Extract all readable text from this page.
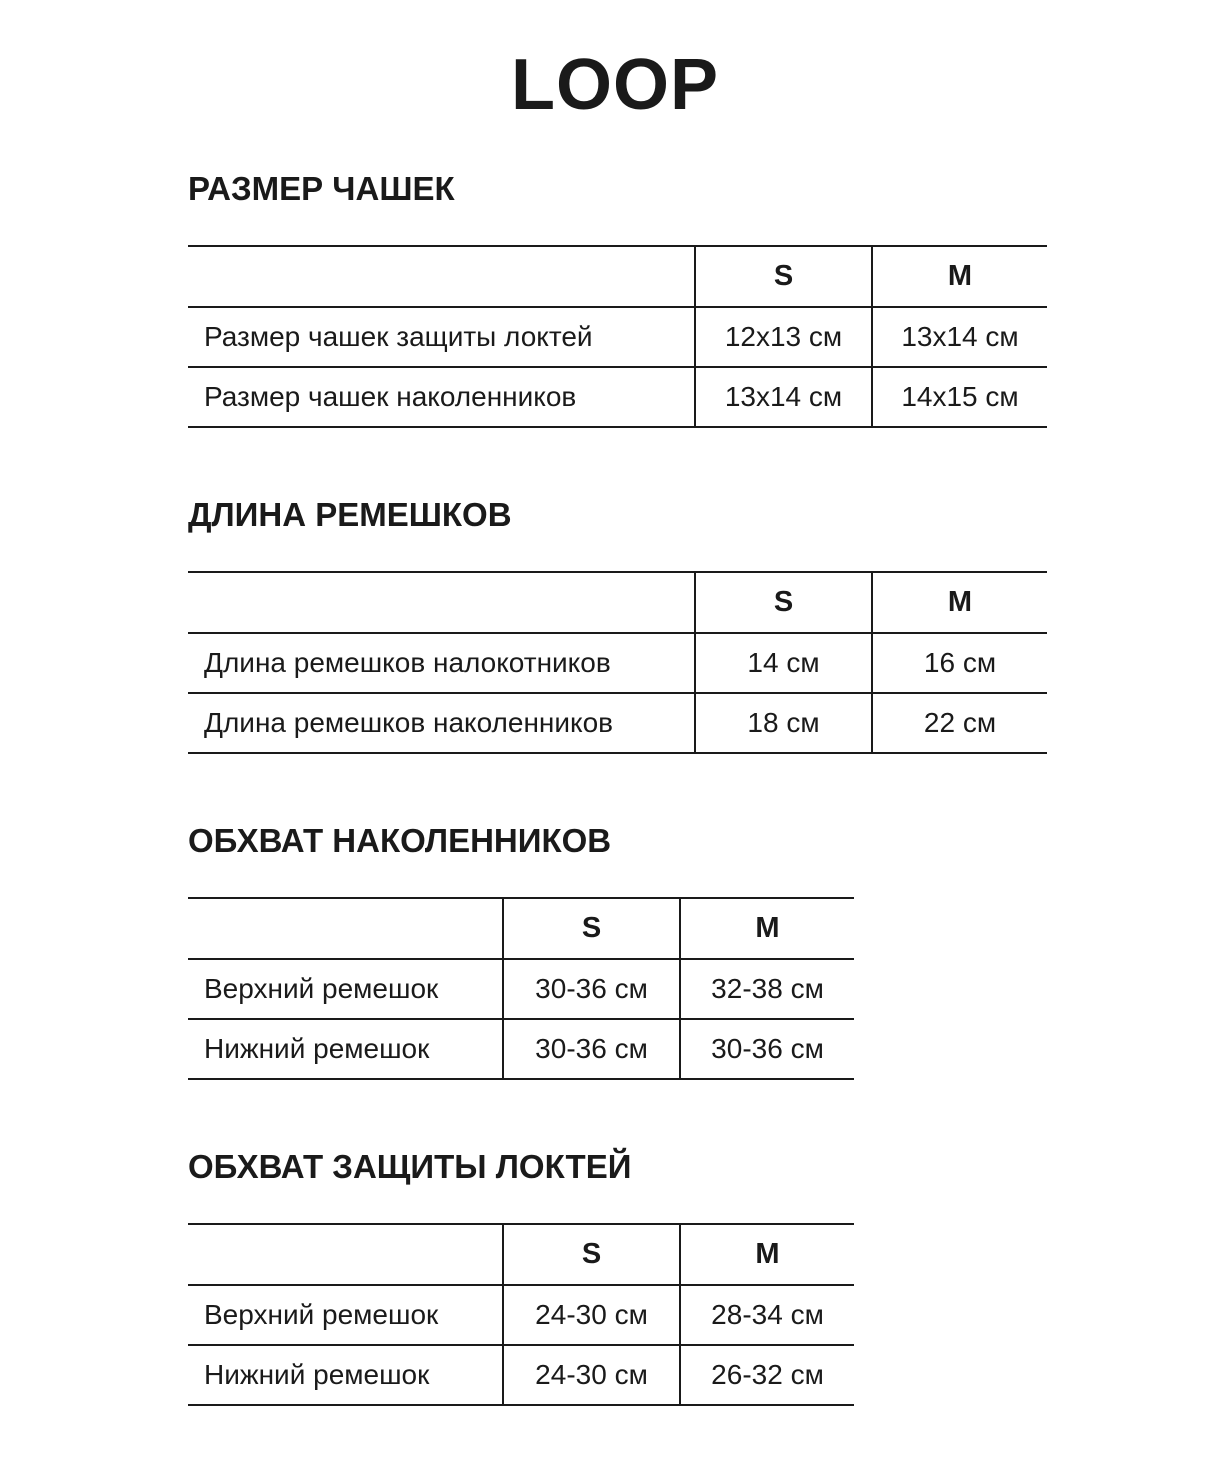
LOOP
РАЗМЕР ЧАШЕК
	S	M
Размер чашек защиты локтей	12x13 см	13x14 см
Размер чашек наколенников	13x14 см	14x15 см
ДЛИНА РЕМЕШКОВ
	S	M
Длина ремешков налокотников	14 см	16 см
Длина ремешков наколенников	18 см	22 см
ОБХВАТ НАКОЛЕННИКОВ
	S	M
Верхний ремешок	30-36 см	32-38 см
Нижний ремешок	30-36 см	30-36 см
ОБХВАТ ЗАЩИТЫ ЛОКТЕЙ
	S	M
Верхний ремешок	24-30 см	28-34 см
Нижний ремешок	24-30 см	26-32 см
